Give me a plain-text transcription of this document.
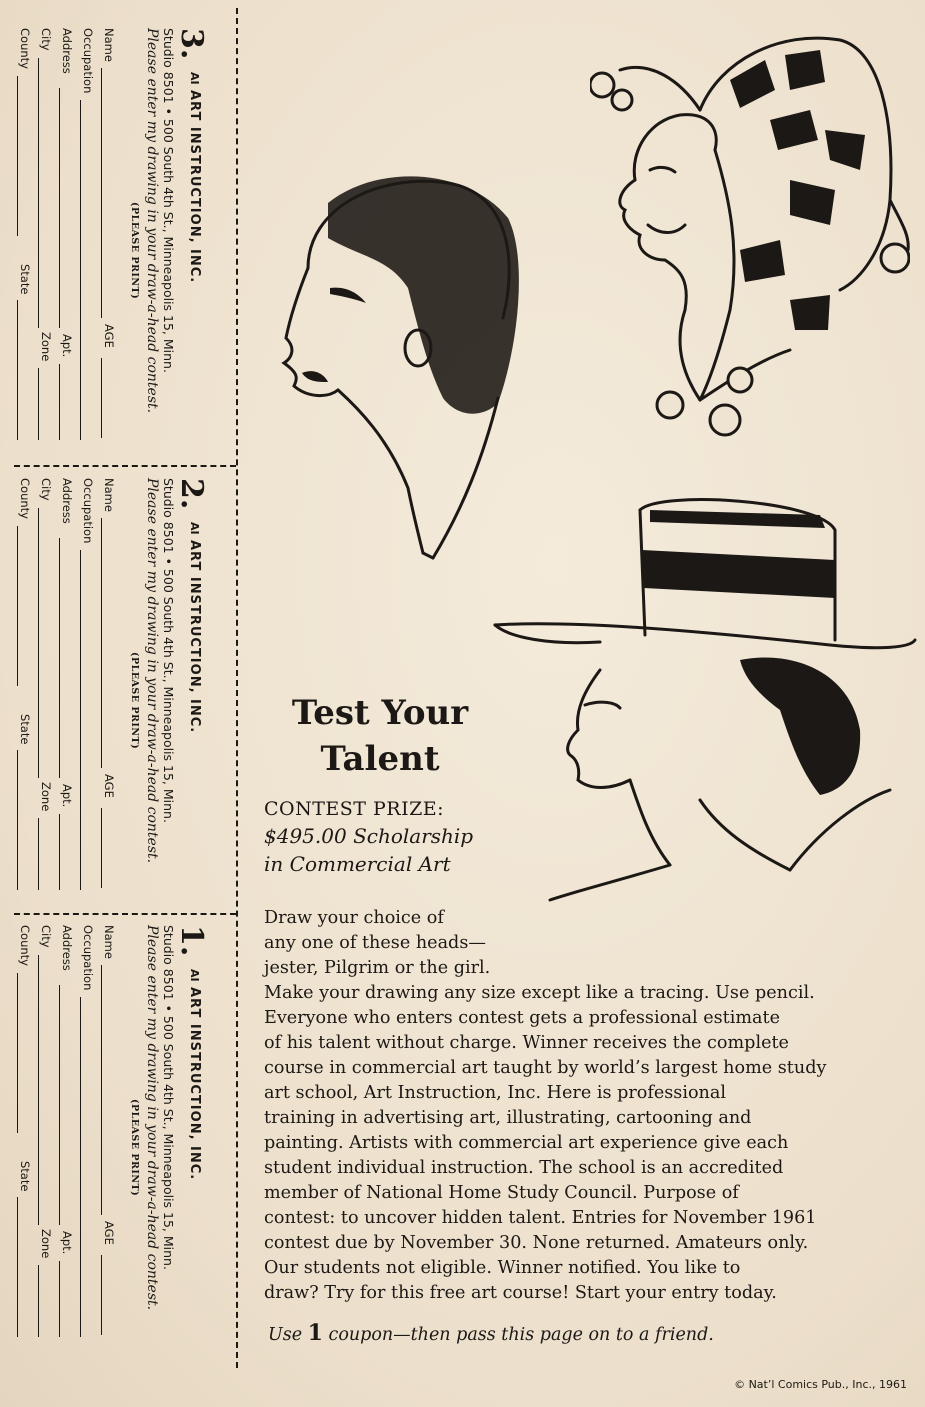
3.
AI
ART INSTRUCTION, INC.
Studio 8501 • 500 South 4th St., Minneapolis 15, Minn.
Please enter my drawing in your draw-a-head contest.
(PLEASE PRINT)
Name
AGE
Occupation
Address
Apt.
City
Zone
County
State
2.
AI
ART INSTRUCTION, INC.
Studio 8501 • 500 South 4th St., Minneapolis 15, Minn.
Please enter my drawing in your draw-a-head contest.
(PLEASE PRINT)
Name
AGE
Occupation
Address
Apt.
City
Zone
County
State
1.
AI
ART INSTRUCTION, INC.
Studio 8501 • 500 South 4th St., Minneapolis 15, Minn.
Please enter my drawing in your draw-a-head contest.
(PLEASE PRINT)
Name
AGE
Occupation
Address
Apt.
City
Zone
County
State
Test Your
Talent
CONTEST PRIZE:
$495.00 Scholarship
in Commercial Art
Draw your choice of
any one of these heads—
jester, Pilgrim or the girl.
Make your drawing any size except like a tracing. Use pencil.
Everyone who enters contest gets a professional estimate
of his talent without charge. Winner receives the complete
course in commercial art taught by world’s largest home study
art school, Art Instruction, Inc. Here is professional
training in advertising art, illustrating, cartooning and
painting. Artists with commercial art experience give each
student individual instruction. The school is an accredited
member of National Home Study Council. Purpose of
contest: to uncover hidden talent. Entries for November 1961
contest due by November 30. None returned. Amateurs only.
Our students not eligible. Winner notified. You like to
draw? Try for this free art course! Start your entry today.
Use 1 coupon—then pass this page on to a friend.
© Nat’l Comics Pub., Inc., 1961
